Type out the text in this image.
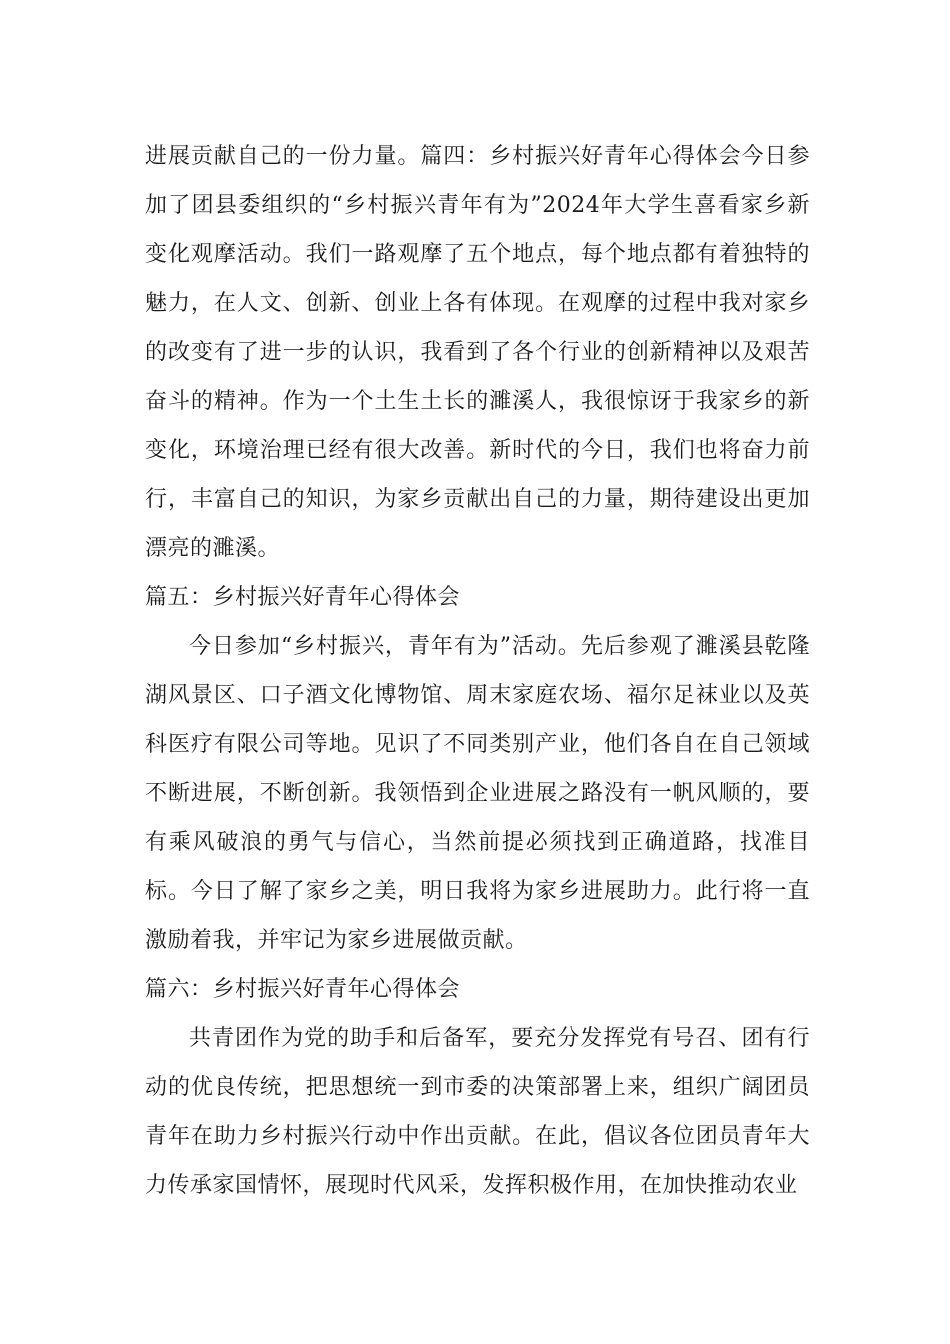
进展贡献自己的一份力量。篇四：乡村振兴好青年心得体会今日参加了团县委组织的“乡村振兴青年有为”2024年大学生喜看家乡新变化观摩活动。我们一路观摩了五个地点，每个地点都有着独特的魅力，在人文、创新、创业上各有体现。在观摩的过程中我对家乡的改变有了进一步的认识，我看到了各个行业的创新精神以及艰苦奋斗的精神。作为一个土生土长的濉溪人，我很惊讶于我家乡的新变化，环境治理已经有很大改善。新时代的今日，我们也将奋力前行，丰富自己的知识，为家乡贡献出自己的力量，期待建设出更加漂亮的濉溪。

篇五：乡村振兴好青年心得体会

今日参加“乡村振兴，青年有为”活动。先后参观了濉溪县乾隆湖风景区、口子酒文化博物馆、周末家庭农场、福尔足袜业以及英科医疗有限公司等地。见识了不同类别产业，他们各自在自己领域不断进展，不断创新。我领悟到企业进展之路没有一帆风顺的，要有乘风破浪的勇气与信心，当然前提必须找到正确道路，找准目标。今日了解了家乡之美，明日我将为家乡进展助力。此行将一直激励着我，并牢记为家乡进展做贡献。

篇六：乡村振兴好青年心得体会

共青团作为党的助手和后备军，要充分发挥党有号召、团有行动的优良传统，把思想统一到市委的决策部署上来，组织广阔团员青年在助力乡村振兴行动中作出贡献。在此，倡议各位团员青年大力传承家国情怀，展现时代风采，发挥积极作用，在加快推动农业
